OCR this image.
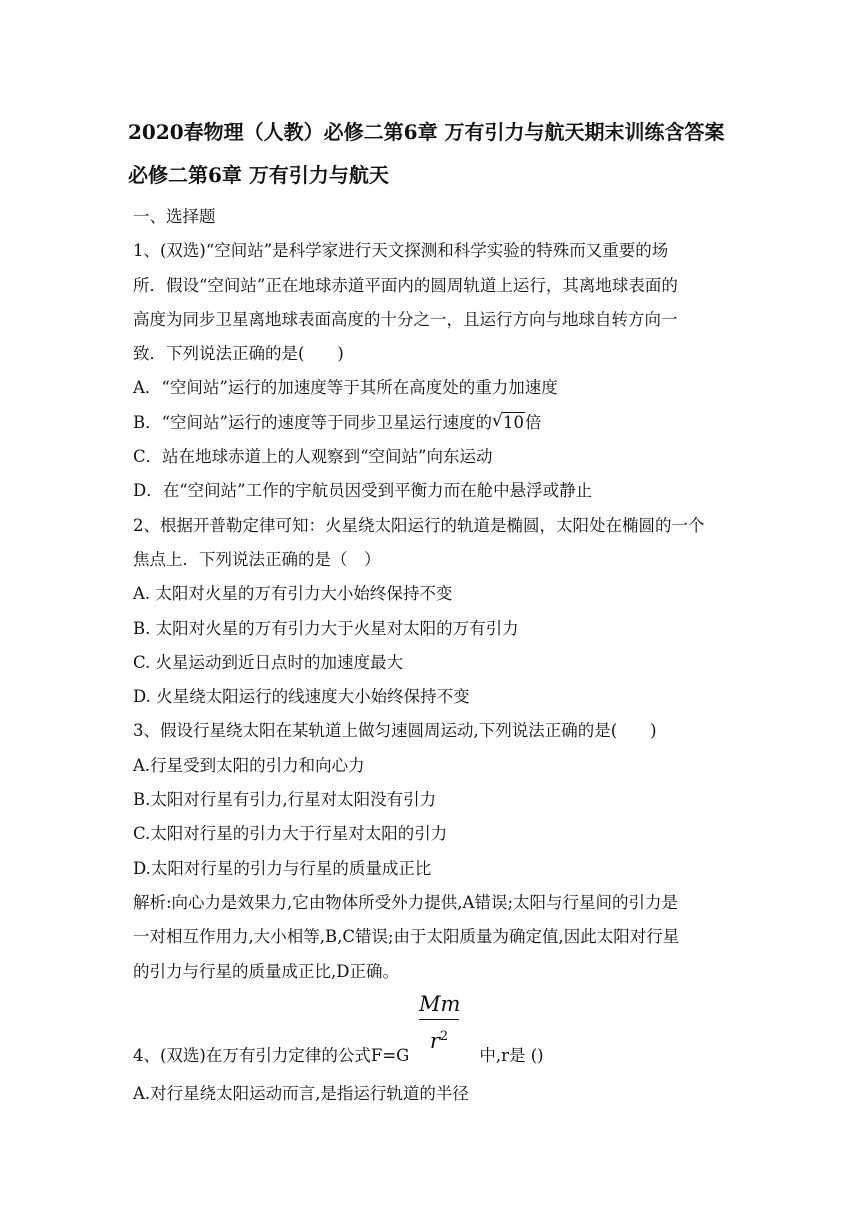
2020春物理（人教）必修二第6章 万有引力与航天期末训练含答案
必修二第6章 万有引力与航天
一、选择题
1、(双选)“空间站”是科学家进行天文探测和科学实验的特殊而又重要的场
所．假设“空间站”正在地球赤道平面内的圆周轨道上运行，其离地球表面的
高度为同步卫星离地球表面高度的十分之一，且运行方向与地球自转方向一
致．下列说法正确的是(　　)
A．“空间站”运行的加速度等于其所在高度处的重力加速度
B．“空间站”运行的速度等于同步卫星运行速度的 √ 10倍
C．站在地球赤道上的人观察到“空间站”向东运动
D．在“空间站”工作的宇航员因受到平衡力而在舱中悬浮或静止
2、根据开普勒定律可知：火星绕太阳运行的轨道是椭圆，太阳处在椭圆的一个
焦点上．下列说法正确的是（　）
A. 太阳对火星的万有引力大小始终保持不变
B. 太阳对火星的万有引力大于火星对太阳的万有引力
C. 火星运动到近日点时的加速度最大
D. 火星绕太阳运行的线速度大小始终保持不变
3、假设行星绕太阳在某轨道上做匀速圆周运动,下列说法正确的是(　　)
A.行星受到太阳的引力和向心力
B.太阳对行星有引力,行星对太阳没有引力
C.太阳对行星的引力大于行星对太阳的引力
D.太阳对行星的引力与行星的质量成正比
解析:向心力是效果力,它由物体所受外力提供,A错误;太阳与行星间的引力是
一对相互作用力,大小相等,B,C错误;由于太阳质量为确定值,因此太阳对行星
的引力与行星的质量成正比,D正确。
$\frac{Mm}{r^2}$
4、(双选)在万有引力定律的公式F=G	中,r是 ()
A.对行星绕太阳运动而言,是指运行轨道的半径
